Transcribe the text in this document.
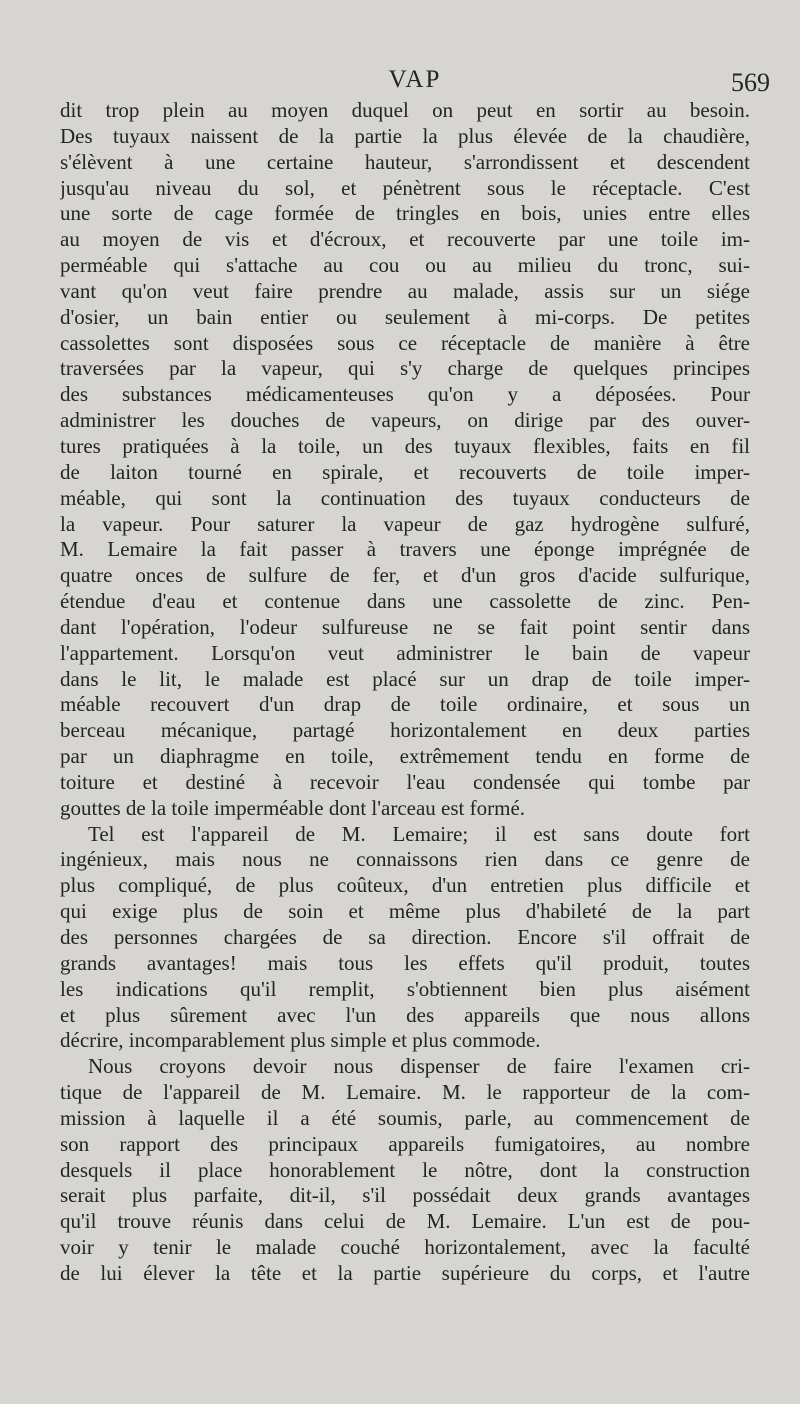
VAP	569
dit trop plein au moyen duquel on peut en sortir au besoin.
Des tuyaux naissent de la partie la plus élevée de la chaudière,
s'élèvent à une certaine hauteur, s'arrondissent et descendent
jusqu'au niveau du sol, et pénètrent sous le réceptacle. C'est
une sorte de cage formée de tringles en bois, unies entre elles
au moyen de vis et d'écroux, et recouverte par une toile im-
perméable qui s'attache au cou ou au milieu du tronc, sui-
vant qu'on veut faire prendre au malade, assis sur un siége
d'osier, un bain entier ou seulement à mi-corps. De petites
cassolettes sont disposées sous ce réceptacle de manière à être
traversées par la vapeur, qui s'y charge de quelques principes
des substances médicamenteuses qu'on y a déposées. Pour
administrer les douches de vapeurs, on dirige par des ouver-
tures pratiquées à la toile, un des tuyaux flexibles, faits en fil
de laiton tourné en spirale, et recouverts de toile imper-
méable, qui sont la continuation des tuyaux conducteurs de
la vapeur. Pour saturer la vapeur de gaz hydrogène sulfuré,
M. Lemaire la fait passer à travers une éponge imprégnée de
quatre onces de sulfure de fer, et d'un gros d'acide sulfurique,
étendue d'eau et contenue dans une cassolette de zinc. Pen-
dant l'opération, l'odeur sulfureuse ne se fait point sentir dans
l'appartement. Lorsqu'on veut administrer le bain de vapeur
dans le lit, le malade est placé sur un drap de toile imper-
méable recouvert d'un drap de toile ordinaire, et sous un
berceau mécanique, partagé horizontalement en deux parties
par un diaphragme en toile, extrêmement tendu en forme de
toiture et destiné à recevoir l'eau condensée qui tombe par
gouttes de la toile imperméable dont l'arceau est formé.
Tel est l'appareil de M. Lemaire; il est sans doute fort
ingénieux, mais nous ne connaissons rien dans ce genre de
plus compliqué, de plus coûteux, d'un entretien plus difficile et
qui exige plus de soin et même plus d'habileté de la part
des personnes chargées de sa direction. Encore s'il offrait de
grands avantages! mais tous les effets qu'il produit, toutes
les indications qu'il remplit, s'obtiennent bien plus aisément
et plus sûrement avec l'un des appareils que nous allons
décrire, incomparablement plus simple et plus commode.
Nous croyons devoir nous dispenser de faire l'examen cri-
tique de l'appareil de M. Lemaire. M. le rapporteur de la com-
mission à laquelle il a été soumis, parle, au commencement de
son rapport des principaux appareils fumigatoires, au nombre
desquels il place honorablement le nôtre, dont la construction
serait plus parfaite, dit-il, s'il possédait deux grands avantages
qu'il trouve réunis dans celui de M. Lemaire. L'un est de pou-
voir y tenir le malade couché horizontalement, avec la faculté
de lui élever la tête et la partie supérieure du corps, et l'autre
